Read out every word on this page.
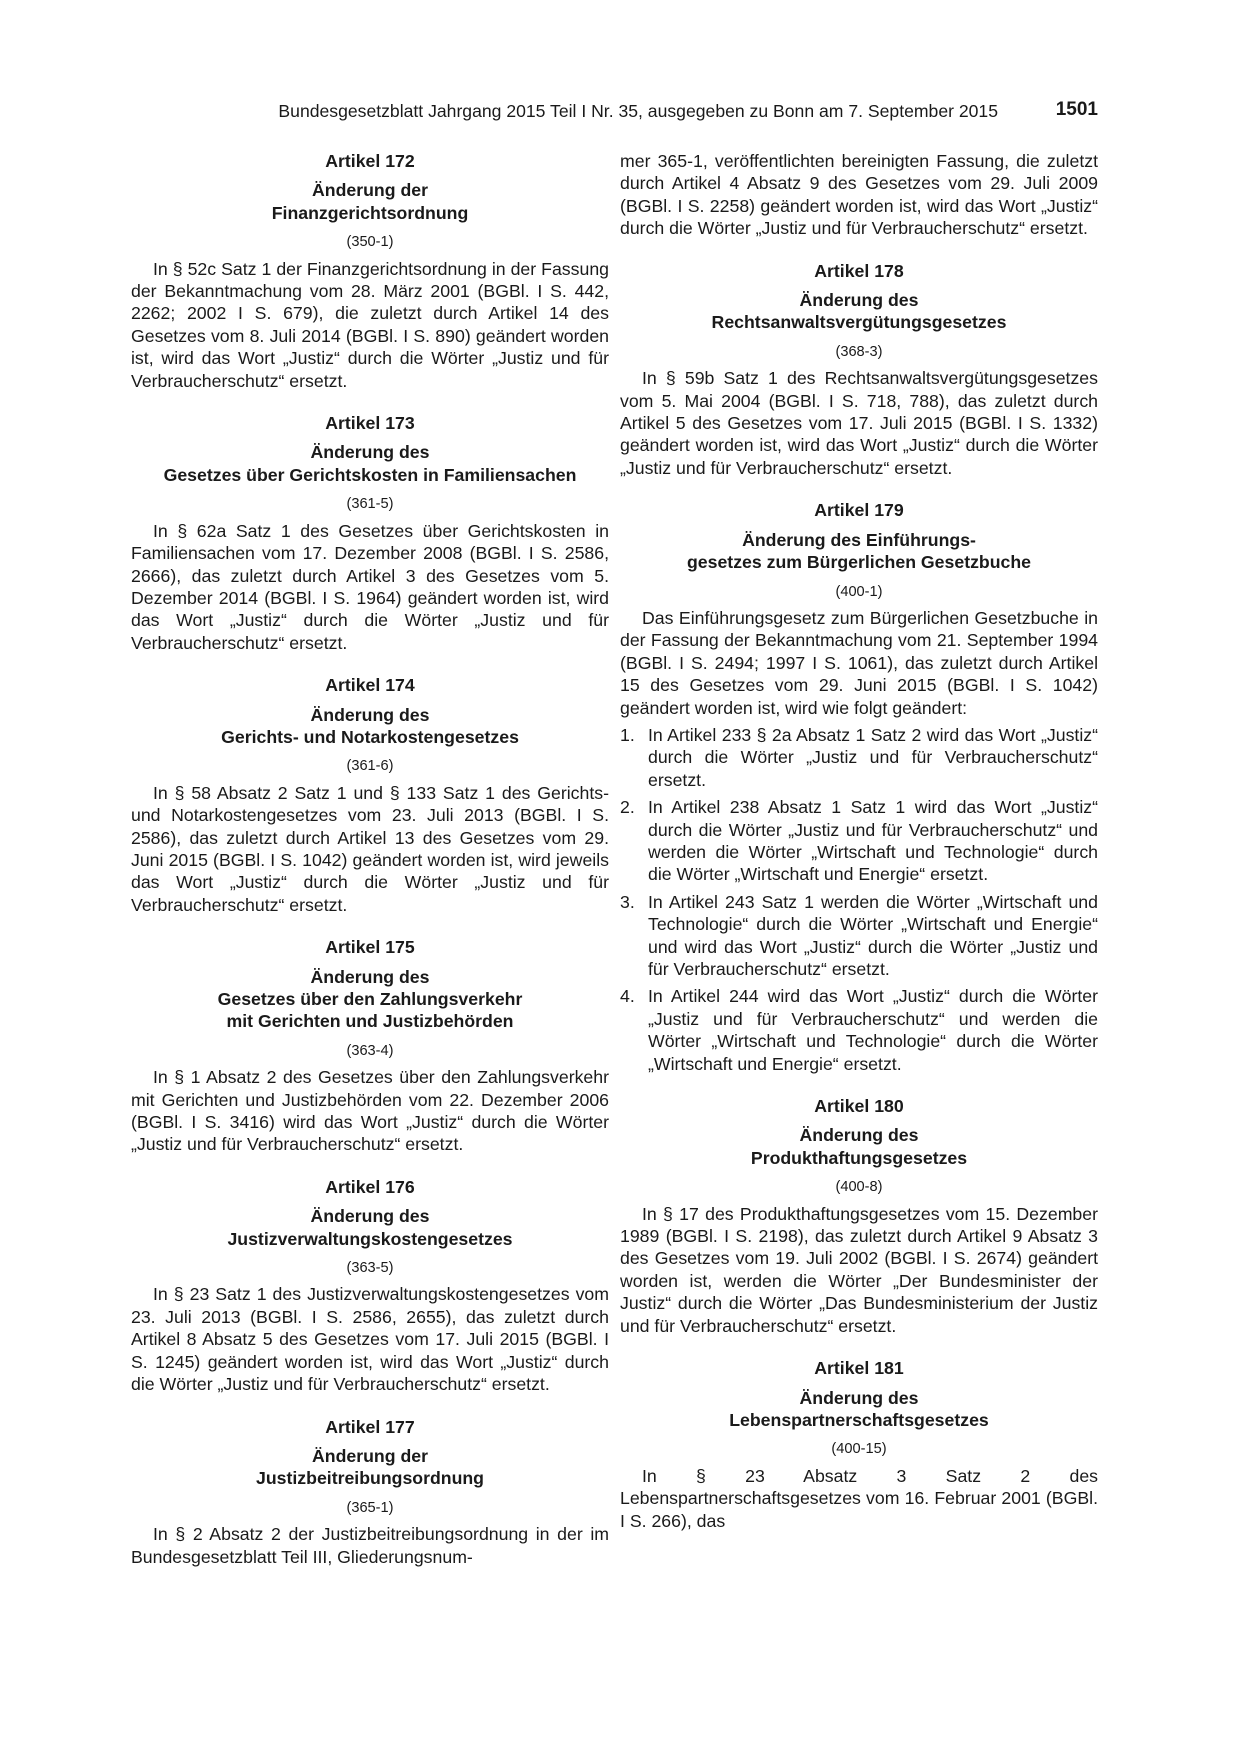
Bundesgesetzblatt Jahrgang 2015 Teil I Nr. 35, ausgegeben zu Bonn am 7. September 2015	1501

Artikel 172

Änderung der
Finanzgerichtsordnung

(350-1)

In § 52c Satz 1 der Finanzgerichtsordnung in der Fassung der Bekanntmachung vom 28. März 2001 (BGBl. I S. 442, 2262; 2002 I S. 679), die zuletzt durch Artikel 14 des Gesetzes vom 8. Juli 2014 (BGBl. I S. 890) geändert worden ist, wird das Wort „Justiz“ durch die Wörter „Justiz und für Verbraucherschutz“ ersetzt.

Artikel 173

Änderung des
Gesetzes über Gerichtskosten in Familiensachen

(361-5)

In § 62a Satz 1 des Gesetzes über Gerichtskosten in Familiensachen vom 17. Dezember 2008 (BGBl. I S. 2586, 2666), das zuletzt durch Artikel 3 des Gesetzes vom 5. Dezember 2014 (BGBl. I S. 1964) geändert worden ist, wird das Wort „Justiz“ durch die Wörter „Justiz und für Verbraucherschutz“ ersetzt.

Artikel 174

Änderung des
Gerichts- und Notarkostengesetzes

(361-6)

In § 58 Absatz 2 Satz 1 und § 133 Satz 1 des Gerichts- und Notarkostengesetzes vom 23. Juli 2013 (BGBl. I S. 2586), das zuletzt durch Artikel 13 des Gesetzes vom 29. Juni 2015 (BGBl. I S. 1042) geändert worden ist, wird jeweils das Wort „Justiz“ durch die Wörter „Justiz und für Verbraucherschutz“ ersetzt.

Artikel 175

Änderung des
Gesetzes über den Zahlungsverkehr
mit Gerichten und Justizbehörden

(363-4)

In § 1 Absatz 2 des Gesetzes über den Zahlungsverkehr mit Gerichten und Justizbehörden vom 22. Dezember 2006 (BGBl. I S. 3416) wird das Wort „Justiz“ durch die Wörter „Justiz und für Verbraucherschutz“ ersetzt.

Artikel 176

Änderung des
Justizverwaltungskostengesetzes

(363-5)

In § 23 Satz 1 des Justizverwaltungskostengesetzes vom 23. Juli 2013 (BGBl. I S. 2586, 2655), das zuletzt durch Artikel 8 Absatz 5 des Gesetzes vom 17. Juli 2015 (BGBl. I S. 1245) geändert worden ist, wird das Wort „Justiz“ durch die Wörter „Justiz und für Verbraucherschutz“ ersetzt.

Artikel 177

Änderung der
Justizbeitreibungsordnung

(365-1)

In § 2 Absatz 2 der Justizbeitreibungsordnung in der im Bundesgesetzblatt Teil III, Gliederungsnum-

mer 365-1, veröffentlichten bereinigten Fassung, die zuletzt durch Artikel 4 Absatz 9 des Gesetzes vom 29. Juli 2009 (BGBl. I S. 2258) geändert worden ist, wird das Wort „Justiz“ durch die Wörter „Justiz und für Verbraucherschutz“ ersetzt.

Artikel 178

Änderung des
Rechtsanwaltsvergütungsgesetzes

(368-3)

In § 59b Satz 1 des Rechtsanwaltsvergütungsgesetzes vom 5. Mai 2004 (BGBl. I S. 718, 788), das zuletzt durch Artikel 5 des Gesetzes vom 17. Juli 2015 (BGBl. I S. 1332) geändert worden ist, wird das Wort „Justiz“ durch die Wörter „Justiz und für Verbraucherschutz“ ersetzt.

Artikel 179

Änderung des Einführungs-
gesetzes zum Bürgerlichen Gesetzbuche

(400-1)

Das Einführungsgesetz zum Bürgerlichen Gesetzbuche in der Fassung der Bekanntmachung vom 21. September 1994 (BGBl. I S. 2494; 1997 I S. 1061), das zuletzt durch Artikel 15 des Gesetzes vom 29. Juni 2015 (BGBl. I S. 1042) geändert worden ist, wird wie folgt geändert:

1. In Artikel 233 § 2a Absatz 1 Satz 2 wird das Wort „Justiz“ durch die Wörter „Justiz und für Verbraucherschutz“ ersetzt.
2. In Artikel 238 Absatz 1 Satz 1 wird das Wort „Justiz“ durch die Wörter „Justiz und für Verbraucherschutz“ und werden die Wörter „Wirtschaft und Technologie“ durch die Wörter „Wirtschaft und Energie“ ersetzt.
3. In Artikel 243 Satz 1 werden die Wörter „Wirtschaft und Technologie“ durch die Wörter „Wirtschaft und Energie“ und wird das Wort „Justiz“ durch die Wörter „Justiz und für Verbraucherschutz“ ersetzt.
4. In Artikel 244 wird das Wort „Justiz“ durch die Wörter „Justiz und für Verbraucherschutz“ und werden die Wörter „Wirtschaft und Technologie“ durch die Wörter „Wirtschaft und Energie“ ersetzt.

Artikel 180

Änderung des
Produkthaftungsgesetzes

(400-8)

In § 17 des Produkthaftungsgesetzes vom 15. Dezember 1989 (BGBl. I S. 2198), das zuletzt durch Artikel 9 Absatz 3 des Gesetzes vom 19. Juli 2002 (BGBl. I S. 2674) geändert worden ist, werden die Wörter „Der Bundesminister der Justiz“ durch die Wörter „Das Bundesministerium der Justiz und für Verbraucherschutz“ ersetzt.

Artikel 181

Änderung des
Lebenspartnerschaftsgesetzes

(400-15)

In § 23 Absatz 3 Satz 2 des Lebenspartnerschaftsgesetzes vom 16. Februar 2001 (BGBl. I S. 266), das
